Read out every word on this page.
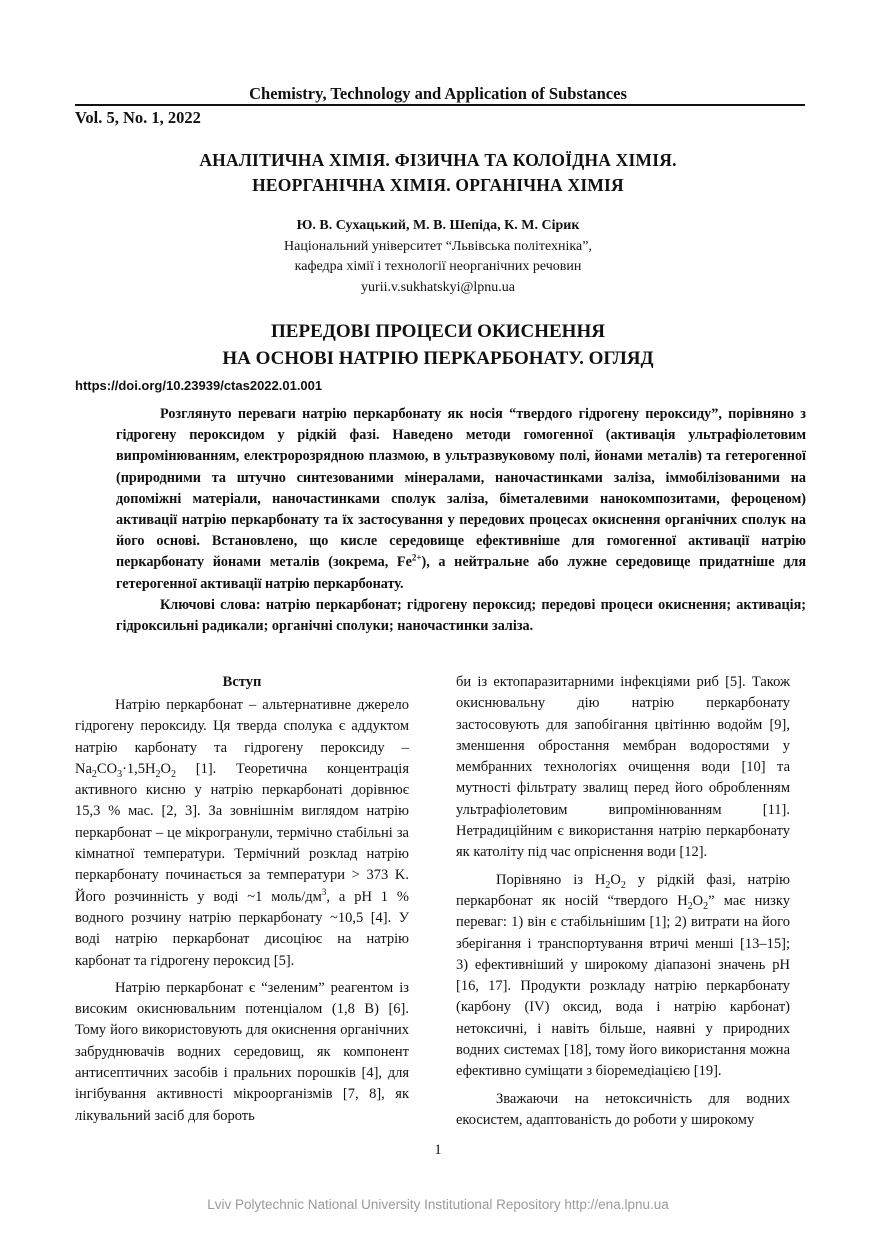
Chemistry, Technology and Application of Substances
Vol. 5, No. 1, 2022
АНАЛІТИЧНА ХІМІЯ. ФІЗИЧНА ТА КОЛОЇДНА ХІМІЯ.
НЕОРГАНІЧНА ХІМІЯ. ОРГАНІЧНА ХІМІЯ
Ю. В. Сухацький, М. В. Шепіда, К. М. Сірик
Національний університет “Львівська політехніка”,
кафедра хімії і технології неорганічних речовин
yurii.v.sukhatskyi@lpnu.ua
ПЕРЕДОВІ ПРОЦЕСИ ОКИСНЕННЯ
НА ОСНОВІ НАТРІЮ ПЕРКАРБОНАТУ. ОГЛЯД
https://doi.org/10.23939/ctas2022.01.001

Розглянуто переваги натрію перкарбонату як носія “твердого гідрогену пероксиду”, порівняно з гідрогену пероксидом у рідкій фазі. Наведено методи гомогенної (активація ультрафіолетовим випромінюванням, електророзрядною плазмою, в ультразвуковому полі, йонами металів) та гетерогенної (природними та штучно синтезованими мінералами, наночастинками заліза, іммобілізованими на допоміжні матеріали, наночастинками сполук заліза, біметалевими нанокомпозитами, фероценом) активації натрію перкарбонату та їх застосування у передових процесах окиснення органічних сполук на його основі. Встановлено, що кисле середовище ефективніше для гомогенної активації натрію перкарбонату йонами металів (зокрема, $Fe^{2+}$), а нейтральне або лужне середовище придатніше для гетерогенної активації натрію перкарбонату.

Ключові слова: натрію перкарбонат; гідрогену пероксид; передові процеси окиснення; активація; гідроксильні радикали; органічні сполуки; наночастинки заліза.

Вступ

Натрію перкарбонат – альтернативне джерело гідрогену пероксиду. Ця тверда сполука є аддуктом натрію карбонату та гідрогену пероксиду – $Na_2CO_3\cdot 1,5H_2O_2$ [1]. Теоретична концентрація активного кисню у натрію перкарбонаті дорівнює 15,3 % мас. [2, 3]. За зовнішнім виглядом натрію перкарбонат – це мікрогранули, термічно стабільні за кімнатної температури. Термічний розклад натрію перкарбонату починається за температури > 373 K. Його розчинність у воді ~1 моль/$дм^3$, а pH 1 % водного розчину натрію перкарбонату ~10,5 [4]. У воді натрію перкарбонат дисоціює на натрію карбонат та гідрогену пероксид [5].

Натрію перкарбонат є “зеленим” реагентом із високим окиснювальним потенціалом (1,8 В) [6]. Тому його використовують для окиснення органічних забруднювачів водних середовищ, як компонент антисептичних засобів і пральних порошків [4], для інгібування активності мікроорганізмів [7, 8], як лікувальний засіб для бороть

би із ектопаразитарними інфекціями риб [5]. Також окиснювальну дію натрію перкарбонату застосовують для запобігання цвітінню водойм [9], зменшення обростання мембран водоростями у мембранних технологіях очищення води [10] та мутності фільтрату звалищ перед його обробленням ультрафіолетовим випромінюванням [11]. Нетрадиційним є використання натрію перкарбонату як католіту під час опріснення води [12].

Порівняно із $H_2O_2$ у рідкій фазі, натрію перкарбонат як носій “твердого $H_2O_2$” має низку переваг: 1) він є стабільнішим [1]; 2) витрати на його зберігання і транспортування втричі менші [13–15]; 3) ефективніший у широкому діапазоні значень pH [16, 17]. Продукти розкладу натрію перкарбонату (карбону (IV) оксид, вода і натрію карбонат) нетоксичні, і навіть більше, наявні у природних водних системах [18], тому його використання можна ефективно суміщати з біоремедіацією [19].

Зважаючи на нетоксичність для водних екосистем, адаптованість до роботи у широкому

1
Lviv Polytechnic National University Institutional Repository http://ena.lpnu.ua
